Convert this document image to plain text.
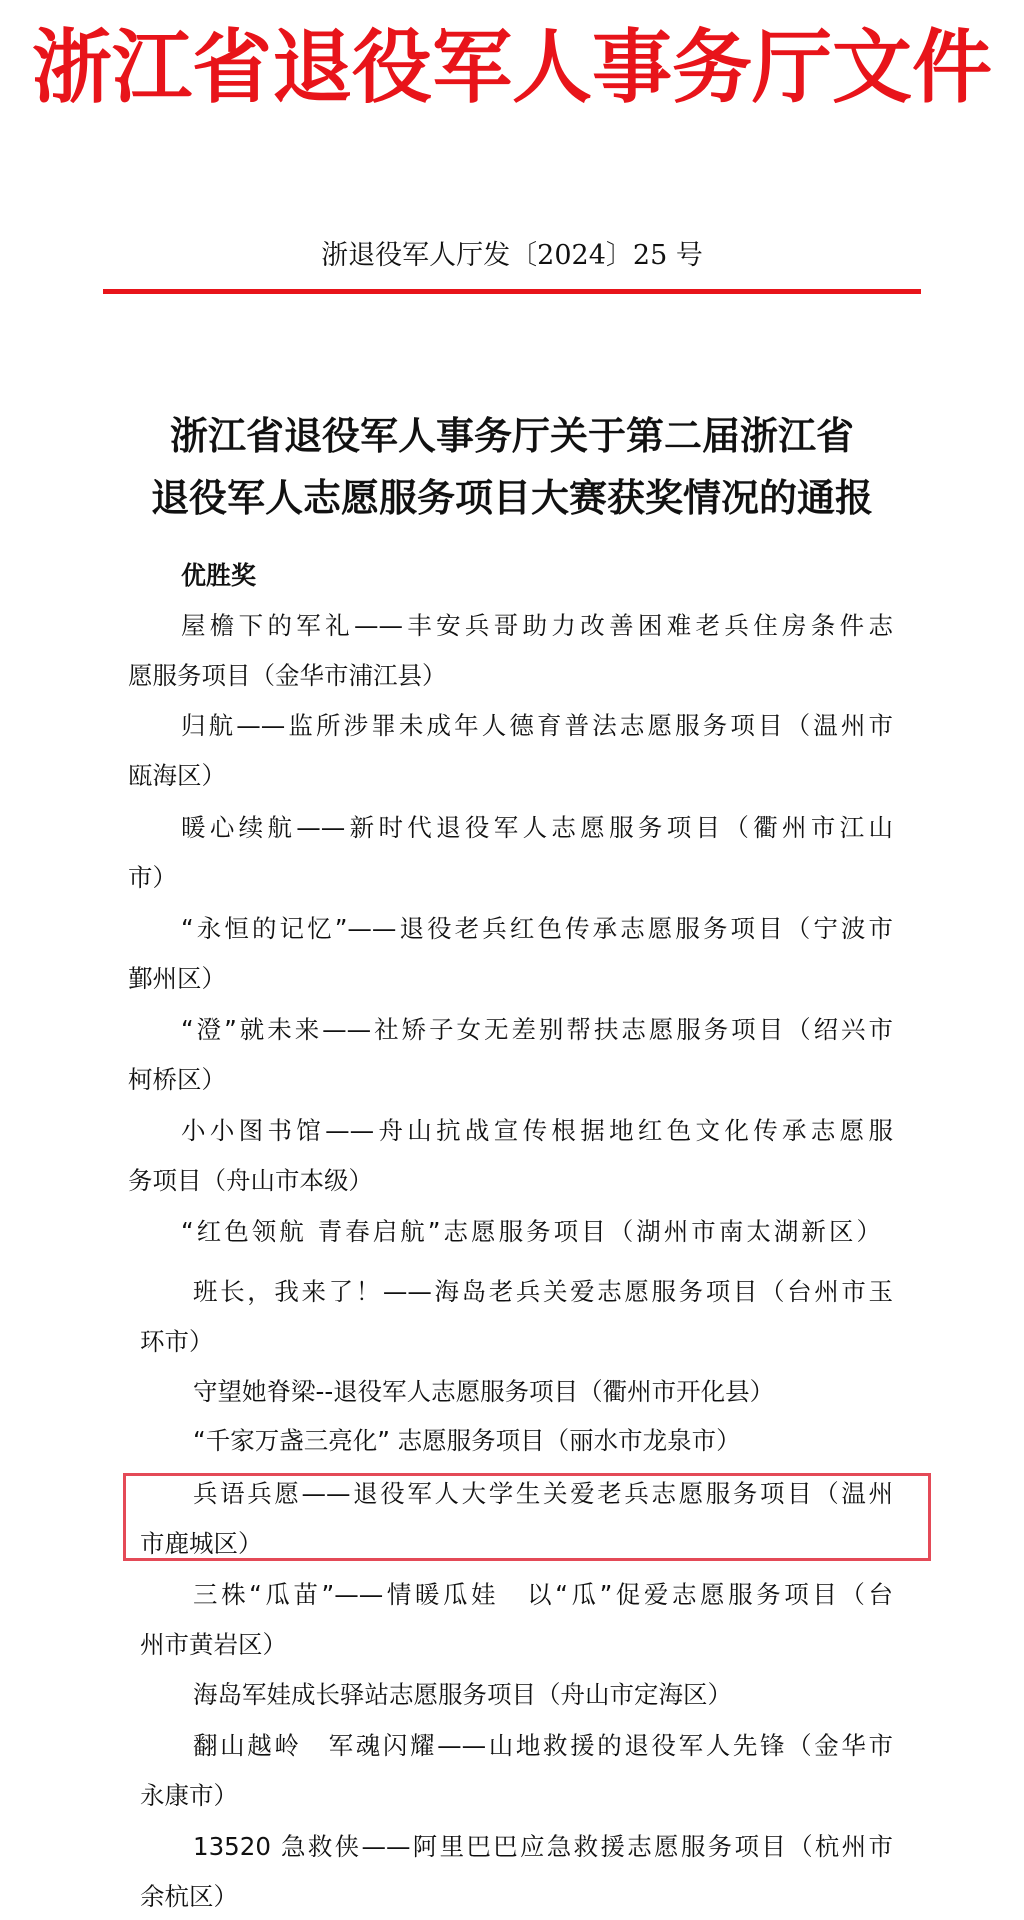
浙江省退役军人事务厅文件
浙退役军人厅发〔2024〕25 号
浙江省退役军人事务厅关于第二届浙江省
退役军人志愿服务项目大赛获奖情况的通报
优胜奖
屋檐下的军礼——丰安兵哥助力改善困难老兵住房条件志
愿服务项目（金华市浦江县）
归航——监所涉罪未成年人德育普法志愿服务项目（温州市
瓯海区）
暖心续航——新时代退役军人志愿服务项目（衢州市江山
市）
“永恒的记忆”——退役老兵红色传承志愿服务项目（宁波市
鄞州区）
“澄”就未来——社矫子女无差别帮扶志愿服务项目（绍兴市
柯桥区）
小小图书馆——舟山抗战宣传根据地红色文化传承志愿服
务项目（舟山市本级）
“红色领航 青春启航”志愿服务项目（湖州市南太湖新区）
班长，我来了！——海岛老兵关爱志愿服务项目（台州市玉
环市）
守望她脊梁--退役军人志愿服务项目（衢州市开化县）
“千家万盏三亮化” 志愿服务项目（丽水市龙泉市）
兵语兵愿——退役军人大学生关爱老兵志愿服务项目（温州
市鹿城区）
三株“瓜苗”——情暖瓜娃　以“瓜”促爱志愿服务项目（台
州市黄岩区）
海岛军娃成长驿站志愿服务项目（舟山市定海区）
翻山越岭　军魂闪耀——山地救援的退役军人先锋（金华市
永康市）
13520 急救侠——阿里巴巴应急救援志愿服务项目（杭州市
余杭区）
